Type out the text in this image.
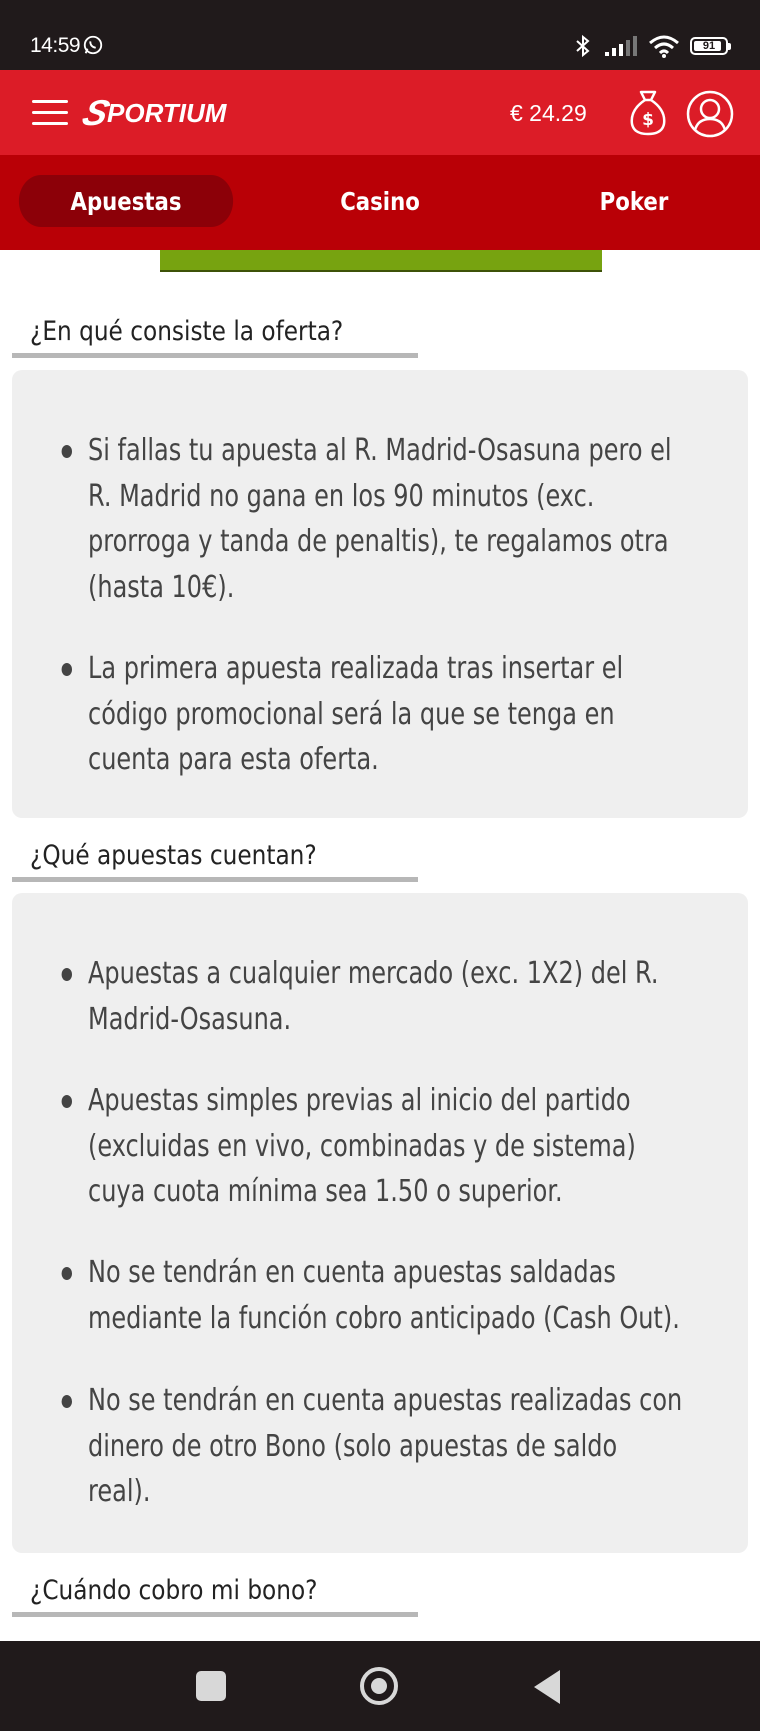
14:59	91
S
PORTIUM	€ 24.29	$
Apuestas	Casino	Poker
¿En qué consiste la oferta?
Si fallas tu apuesta al R. Madrid-Osasuna pero el
R. Madrid no gana en los 90 minutos (exc.
prorroga y tanda de penaltis), te regalamos otra
(hasta 10€).
La primera apuesta realizada tras insertar el
código promocional será la que se tenga en
cuenta para esta oferta.
¿Qué apuestas cuentan?
Apuestas a cualquier mercado (exc. 1X2) del R.
Madrid-Osasuna.
Apuestas simples previas al inicio del partido
(excluidas en vivo, combinadas y de sistema)
cuya cuota mínima sea 1.50 o superior.
No se tendrán en cuenta apuestas saldadas
mediante la función cobro anticipado (Cash Out).
No se tendrán en cuenta apuestas realizadas con
dinero de otro Bono (solo apuestas de saldo
real).
¿Cuándo cobro mi bono?
